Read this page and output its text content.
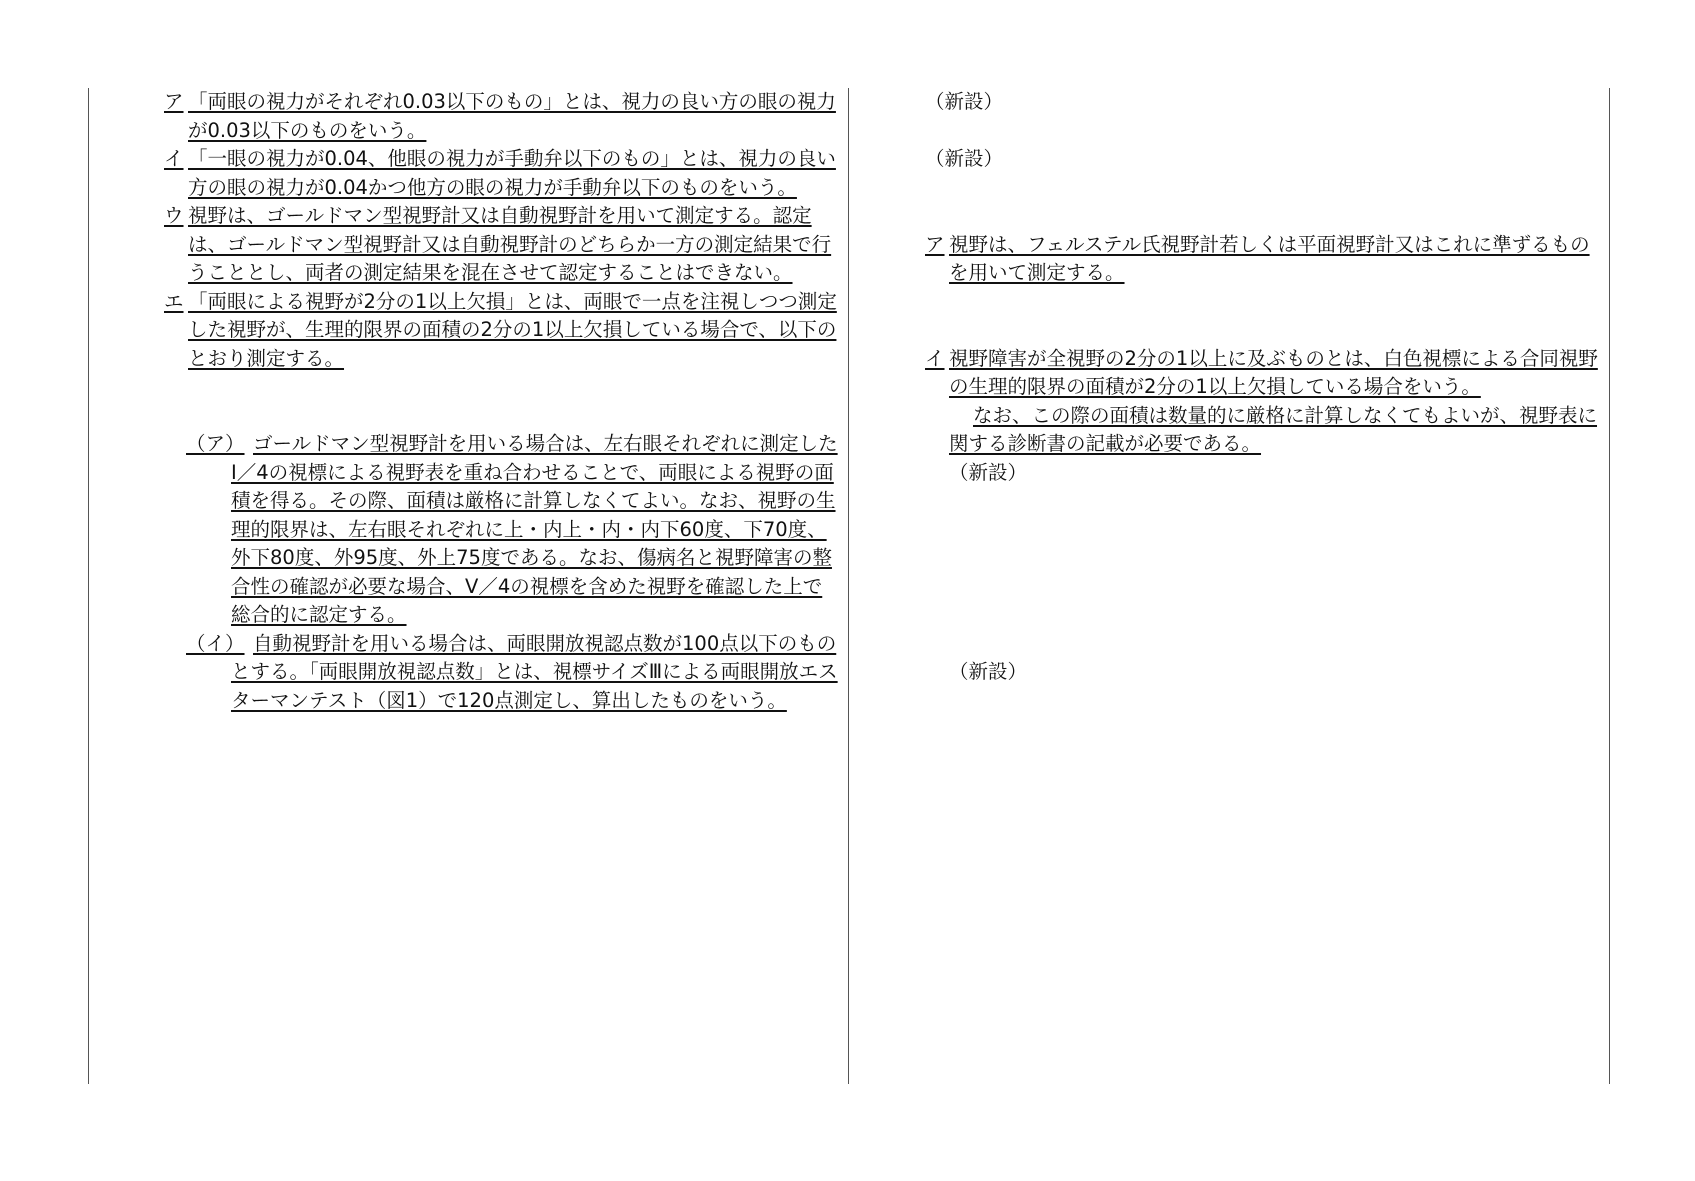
ア 「両眼の視力がそれぞれ0.03以下のもの」とは、視力の良い方の眼の視力が0.03以下のものをいう。

イ 「一眼の視力が0.04、他眼の視力が手動弁以下のもの」とは、視力の良い方の眼の視力が0.04かつ他方の眼の視力が手動弁以下のものをいう。

ウ 視野は、ゴールドマン型視野計又は自動視野計を用いて測定する。認定は、ゴールドマン型視野計又は自動視野計のどちらか一方の測定結果で行うこととし、両者の測定結果を混在させて認定することはできない。

エ 「両眼による視野が2分の1以上欠損」とは、両眼で一点を注視しつつ測定した視野が、生理的限界の面積の2分の1以上欠損している場合で、以下のとおり測定する。

（ア） ゴールドマン型視野計を用いる場合は、左右眼それぞれに測定したⅠ／4の視標による視野表を重ね合わせることで、両眼による視野の面積を得る。その際、面積は厳格に計算しなくてよい。なお、視野の生理的限界は、左右眼それぞれに上・内上・内・内下60度、下70度、外下80度、外95度、外上75度である。なお、傷病名と視野障害の整合性の確認が必要な場合、Ⅴ／4の視標を含めた視野を確認した上で総合的に認定する。

（イ） 自動視野計を用いる場合は、両眼開放視認点数が100点以下のものとする。「両眼開放視認点数」とは、視標サイズⅢによる両眼開放エスターマンテスト（図1）で120点測定し、算出したものをいう。

（新設）

（新設）

ア 視野は、フェルステル氏視野計若しくは平面視野計又はこれに準ずるものを用いて測定する。

イ 視野障害が全視野の2分の1以上に及ぶものとは、白色視標による合同視野の生理的限界の面積が2分の1以上欠損している場合をいう。

なお、この際の面積は数量的に厳格に計算しなくてもよいが、視野表に関する診断書の記載が必要である。

（新設）

（新設）
